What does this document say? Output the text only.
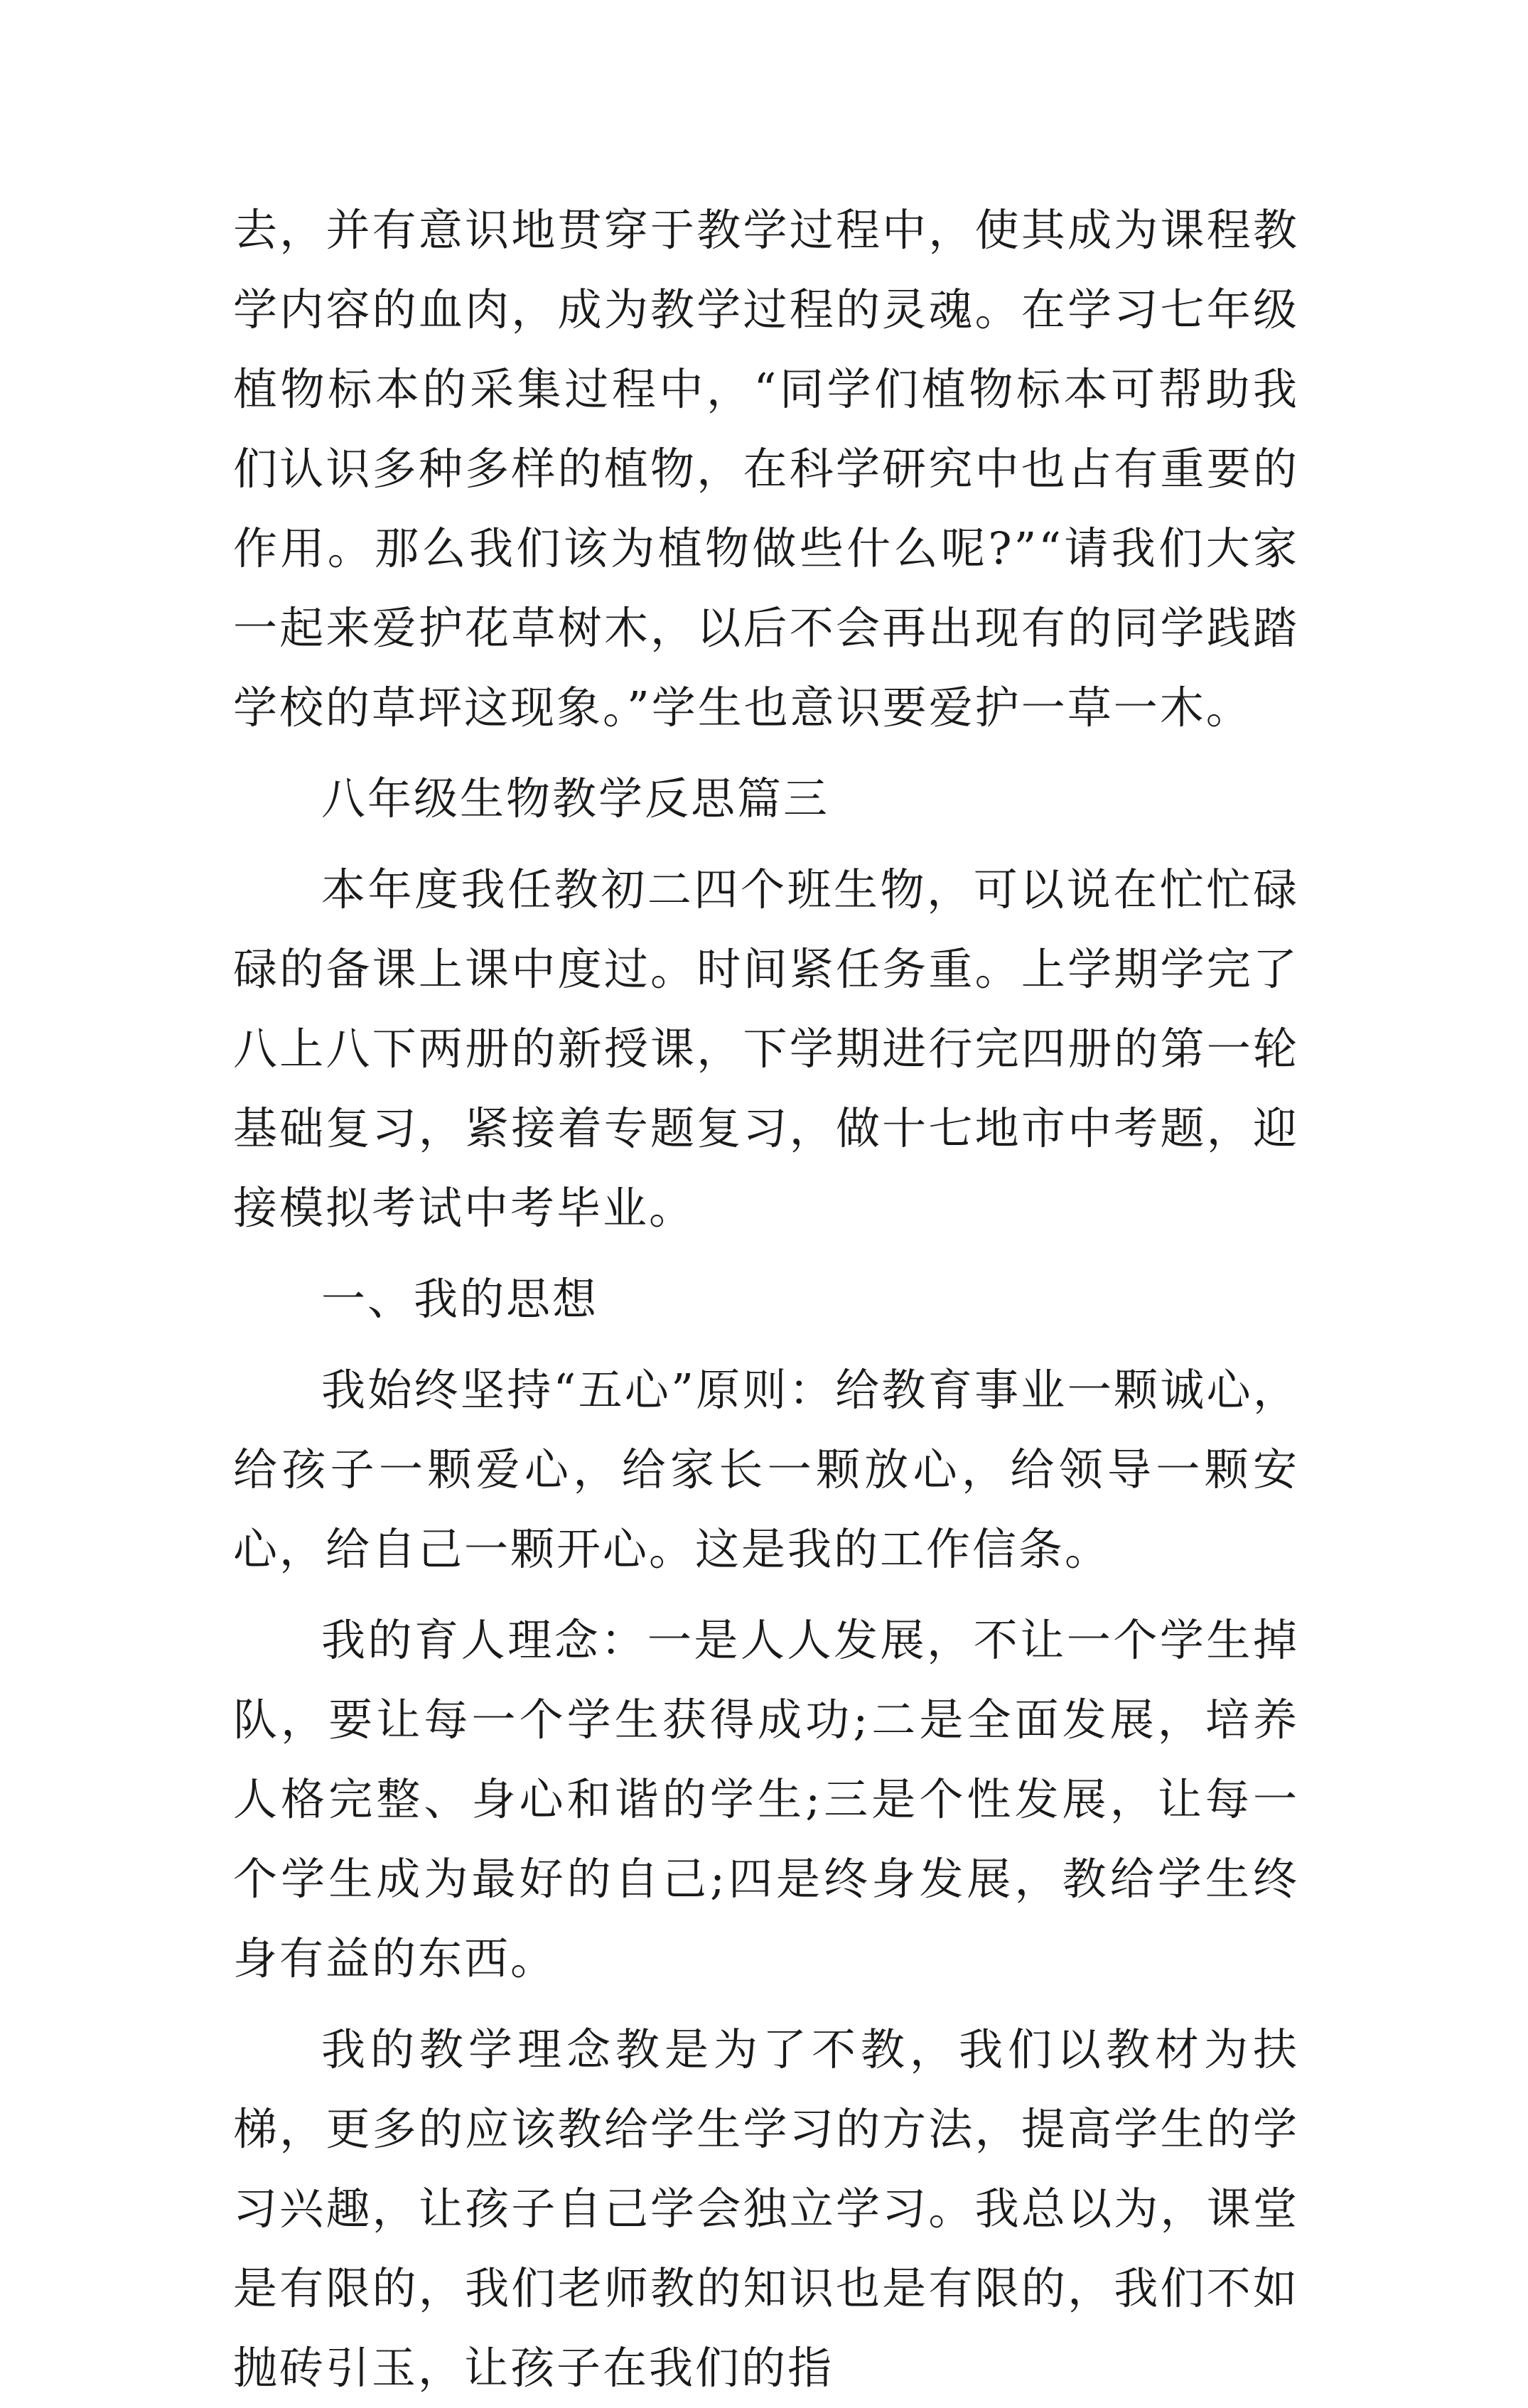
去，并有意识地贯穿于教学过程中，使其成为课程教学内容的血肉，成为教学过程的灵魂。在学习七年级植物标本的采集过程中，“同学们植物标本可帮助我们认识多种多样的植物，在科学研究中也占有重要的作用。那么我们该为植物做些什么呢?”“请我们大家一起来爱护花草树木，以后不会再出现有的同学践踏学校的草坪这现象。”学生也意识要爱护一草一木。

八年级生物教学反思篇三

本年度我任教初二四个班生物，可以说在忙忙碌碌的备课上课中度过。时间紧任务重。上学期学完了八上八下两册的新授课，下学期进行完四册的第一轮基础复习，紧接着专题复习，做十七地市中考题，迎接模拟考试中考毕业。

一、我的思想

我始终坚持“五心”原则：给教育事业一颗诚心，给孩子一颗爱心，给家长一颗放心，给领导一颗安心，给自己一颗开心。这是我的工作信条。

我的育人理念：一是人人发展，不让一个学生掉队，要让每一个学生获得成功;二是全面发展，培养人格完整、身心和谐的学生;三是个性发展，让每一个学生成为最好的自己;四是终身发展，教给学生终身有益的东西。

我的教学理念教是为了不教，我们以教材为扶梯，更多的应该教给学生学习的方法，提高学生的学习兴趣，让孩子自己学会独立学习。我总以为，课堂是有限的，我们老师教的知识也是有限的，我们不如抛砖引玉，让孩子在我们的指
